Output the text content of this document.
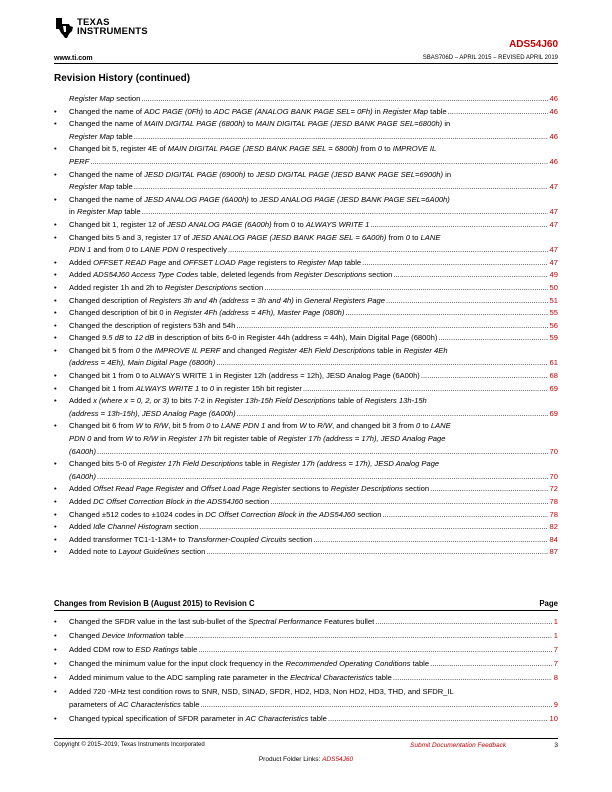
TEXAS
INSTRUMENTS
ADS54J60
www.ti.com	SBAS706D – APRIL 2015 – REVISED APRIL 2019
Revision History (continued)
Register Map section .....	46
• Changed the name of ADC PAGE (0Fh) to ADC PAGE (ANALOG BANK PAGE SEL= 0Fh) in Register Map table .....	46
• Changed the name of MAIN DIGITAL PAGE (6800h) to MAIN DIGITAL PAGE (JESD BANK PAGE SEL=6800h) in
Register Map table .....	46
• Changed bit 5, register 4E of MAIN DIGITAL PAGE (JESD BANK PAGE SEL = 6800h) from 0 to IMPROVE IL
PERF .....	46
• Changed the name of JESD DIGITAL PAGE (6900h) to JESD DIGITAL PAGE (JESD BANK PAGE SEL=6900h) in
Register Map table .....	47
• Changed the name of JESD ANALOG PAGE (6A00h) to JESD ANALOG PAGE (JESD BANK PAGE SEL=6A00h)
in Register Map table .....	47
• Changed bit 1, register 12 of JESD ANALOG PAGE (6A00h) from 0 to ALWAYS WRITE 1 .....	47
• Changed bits 5 and 3, register 17 of JESD ANALOG PAGE (JESD BANK PAGE SEL = 6A00h) from 0 to LANE
PDN 1 and from 0 to LANE PDN 0 respectively .....	47
• Added OFFSET READ Page and OFFSET LOAD Page registers to Register Map table .....	47
• Added ADS54J60 Access Type Codes table, deleted legends from Register Descriptions section .....	49
• Added register 1h and 2h to Register Descriptions section .....	50
• Changed description of Registers 3h and 4h (address = 3h and 4h) in General Registers Page .....	51
• Changed description of bit 0 in Register 4Fh (address = 4Fh), Master Page (080h) .....	55
• Changed the description of registers 53h and 54h .....	56
• Changed 9.5 dB to 12 dB in description of bits 6-0 in Register 44h (address = 44h), Main Digital Page (6800h) .....	59
• Changed bit 5 from 0 the IMPROVE IL PERF and changed Register 4Eh Field Descriptions table in Register 4Eh
(address = 4Eh), Main Digital Page (6800h) .....	61
• Changed bit 1 from 0 to ALWAYS WRITE 1 in Register 12h (address = 12h), JESD Analog Page (6A00h) .....	68
• Changed bit 1 from ALWAYS WRITE 1 to 0 in register 15h bit register .....	69
• Added x (where x = 0, 2, or 3) to bits 7-2 in Register 13h-15h Field Descriptions table of Registers 13h-15h
(address = 13h-15h), JESD Analog Page (6A00h) .....	69
• Changed bit 6 from W to R/W, bit 5 from 0 to LANE PDN 1 and from W to R/W, and changed bit 3 from 0 to LANE
PDN 0 and from W to R/W in Register 17h bit register table of Register 17h (address = 17h), JESD Analog Page
(6A00h) .....	70
• Changed bits 5-0 of Register 17h Field Descriptions table in Register 17h (address = 17h), JESD Analog Page
(6A00h) .....	70
• Added Offset Read Page Register and Offset Load Page Register sections to Register Descriptions section .....	72
• Added DC Offset Correction Block in the ADS54J60 section .....	78
• Changed ±512 codes to ±1024 codes in DC Offset Correction Block in the ADS54J60 section .....	78
• Added Idle Channel Histogram section .....	82
• Added transformer TC1-1-13M+ to Transformer-Coupled Circuits section .....	84
• Added note to Layout Guidelines section .....	87
Changes from Revision B (August 2015) to Revision C	Page
• Changed the SFDR value in the last sub-bullet of the Spectral Performance Features bullet .....	1
• Changed Device Information table .....	1
• Added CDM row to ESD Ratings table .....	7
• Changed the minimum value for the input clock frequency in the Recommended Operating Conditions table .....	7
• Added minimum value to the ADC sampling rate parameter in the Electrical Characteristics table .....	8
• Added 720 -MHz test condition rows to SNR, NSD, SINAD, SFDR, HD2, HD3, Non HD2, HD3, THD, and SFDR_IL
parameters of AC Characteristics table .....	9
• Changed typical specification of SFDR parameter in AC Characteristics table .....	10
Copyright © 2015–2019, Texas Instruments Incorporated	Submit Documentation Feedback	3
Product Folder Links: ADS54J60
